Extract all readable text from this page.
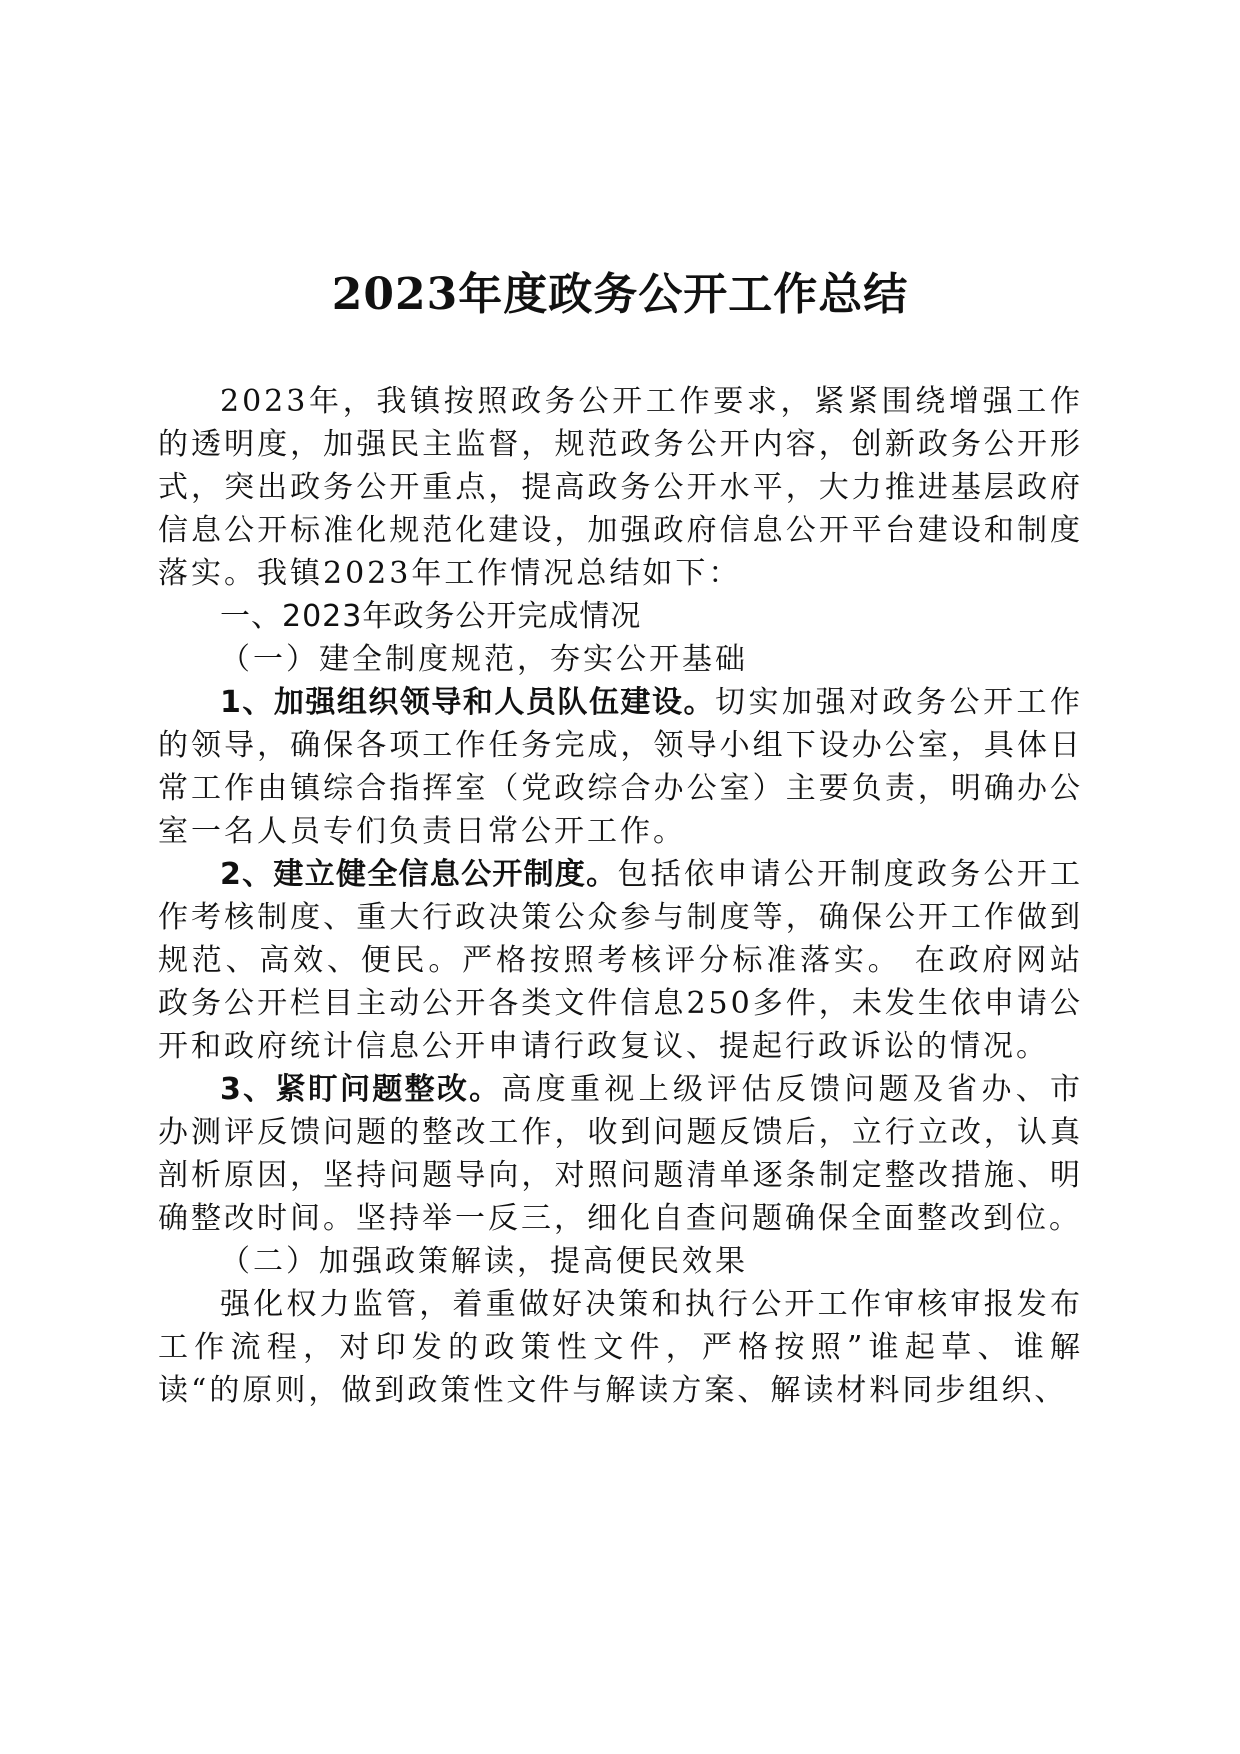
2023年度政务公开工作总结

2023年，我镇按照政务公开工作要求，紧紧围绕增强工作的透明度，加强民主监督，规范政务公开内容，创新政务公开形式，突出政务公开重点，提高政务公开水平，大力推进基层政府信息公开标准化规范化建设，加强政府信息公开平台建设和制度落实。我镇2023年工作情况总结如下：

一、2023年政务公开完成情况

（一）建全制度规范，夯实公开基础

1、加强组织领导和人员队伍建设。切实加强对政务公开工作的领导，确保各项工作任务完成，领导小组下设办公室，具体日常工作由镇综合指挥室（党政综合办公室）主要负责，明确办公室一名人员专们负责日常公开工作。

2、建立健全信息公开制度。包括依申请公开制度政务公开工作考核制度、重大行政决策公众参与制度等，确保公开工作做到规范、高效、便民。严格按照考核评分标准落实。 在政府网站政务公开栏目主动公开各类文件信息250多件，未发生依申请公开和政府统计信息公开申请行政复议、提起行政诉讼的情况。

3、紧盯问题整改。高度重视上级评估反馈问题及省办、市办测评反馈问题的整改工作，收到问题反馈后，立行立改，认真剖析原因，坚持问题导向，对照问题清单逐条制定整改措施、明确整改时间。坚持举一反三，细化自查问题确保全面整改到位。

（二）加强政策解读，提高便民效果

强化权力监管，着重做好决策和执行公开工作审核审报发布工作流程，对印发的政策性文件，严格按照”谁起草、谁解读“的原则，做到政策性文件与解读方案、解读材料同步组织、
